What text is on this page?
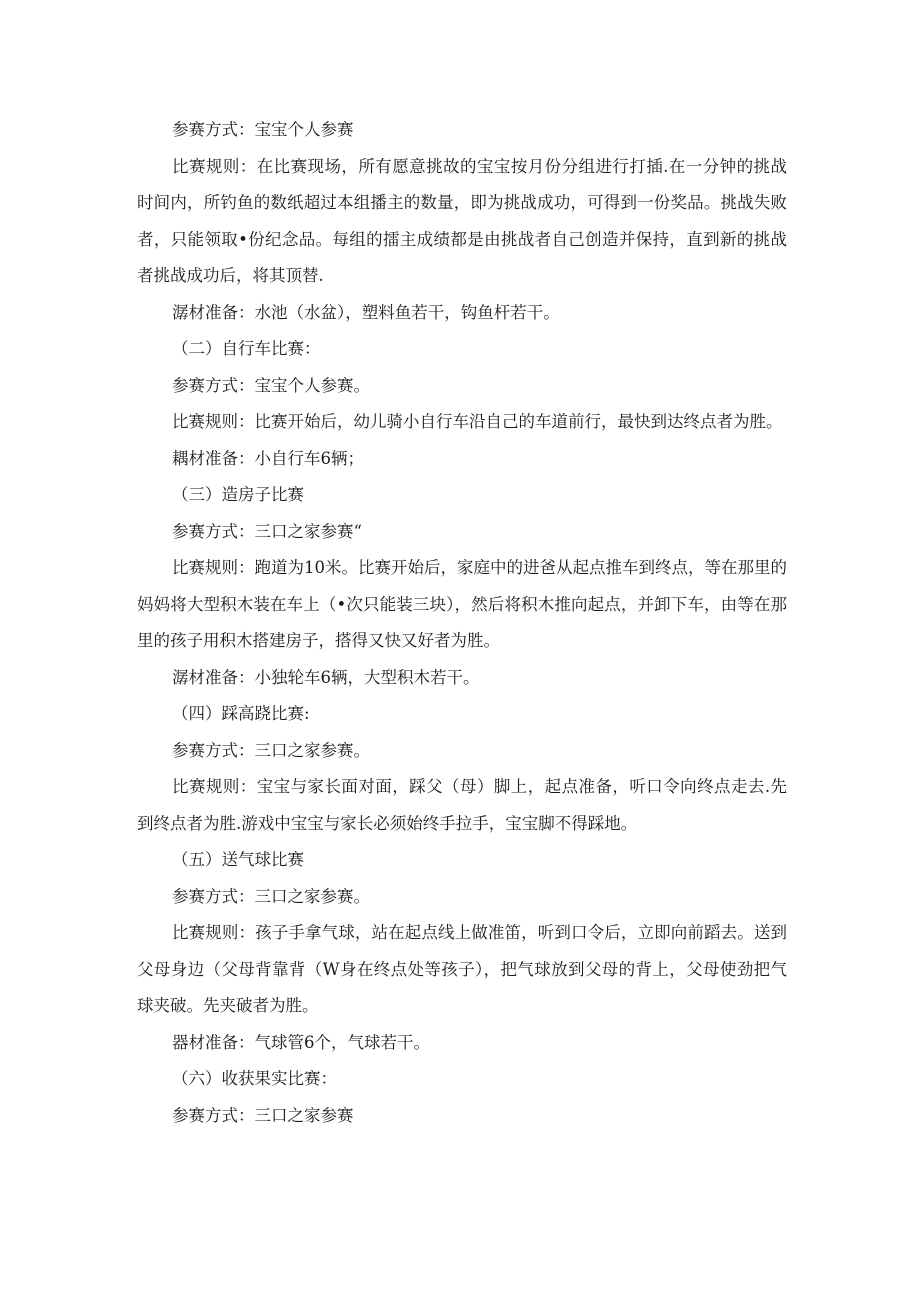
参赛方式：宝宝个人参赛

比赛规则：在比赛现场，所有愿意挑故的宝宝按月份分组进行打插.在一分钟的挑战时间内，所钓鱼的数纸超过本组播主的数量，即为挑战成功，可得到一份奖品。挑战失败者，只能领取•份纪念品。每组的擂主成绩都是由挑战者自己创造并保持，直到新的挑战者挑战成功后，将其顶替.

潺材准备：水池（水盆），塑料鱼若干，钩鱼杆若干。

（二）自行车比赛：

参赛方式：宝宝个人参赛。

比赛规则：比赛开始后，幼儿骑小自行车沿自己的车道前行，最快到达终点者为胜。

耦材准备：小自行车6辆；

（三）造房子比赛

参赛方式：三口之家参赛“

比赛规则：跑道为10米。比赛开始后，家庭中的进爸从起点推车到终点，等在那里的妈妈将大型积木装在车上（•次只能装三块），然后将积木推向起点，并卸下车，由等在那里的孩子用积木搭建房子，搭得又快又好者为胜。

潺材准备：小独轮车6辆，大型积木若干。

（四）踩高跷比赛:

参赛方式：三口之家参赛。

比赛规则：宝宝与家长面对面，踩父（母）脚上，起点准备，听口令向终点走去.先到终点者为胜.游戏中宝宝与家长必须始终手拉手，宝宝脚不得踩地。

（五）送气球比赛

参赛方式：三口之家参赛。

比赛规则：孩子手拿气球，站在起点线上做准笛，听到口令后，立即向前蹈去。送到父母身边（父母背靠背（W身在终点处等孩子），把气球放到父母的背上，父母使劲把气球夹破。先夹破者为胜。

器材准备：气球管6个，气球若干。

（六）收获果实比赛：

参赛方式：三口之家参赛
